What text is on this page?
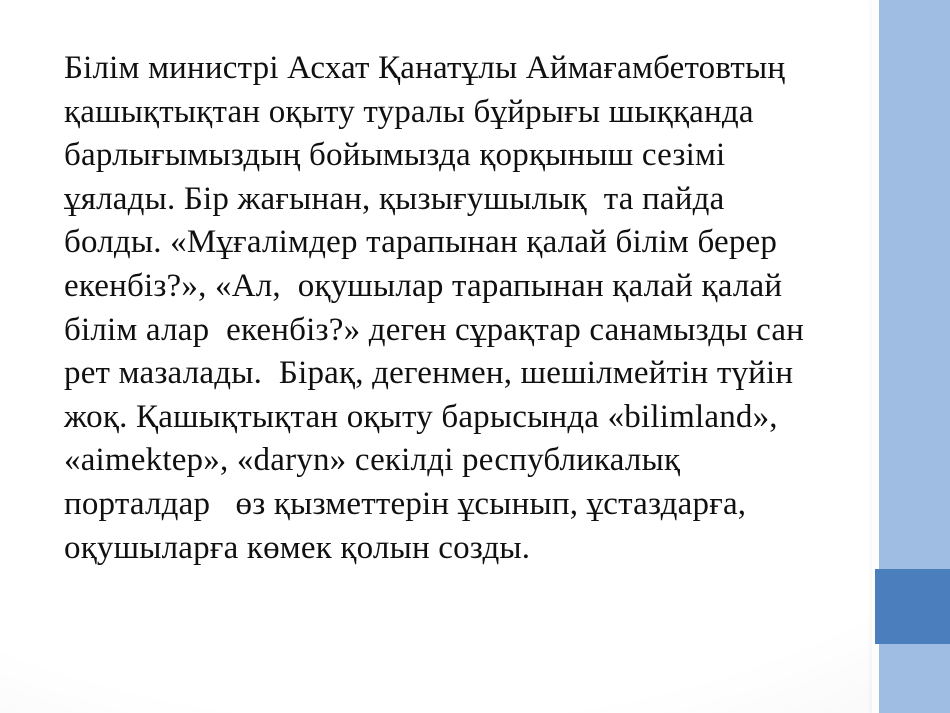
Білім министрі Асхат Қанатұлы Аймағамбетовтың
қашықтықтан оқыту туралы бұйрығы шыққанда
барлығымыздың бойымызда қорқыныш сезімі
ұялады. Бір жағынан, қызығушылық  та пайда
болды. «Мұғалімдер тарапынан қалай білім берер
екенбіз?», «Ал,  оқушылар тарапынан қалай қалай
білім алар  екенбіз?» деген сұрақтар санамызды сан
рет мазалады.  Бірақ, дегенмен, шешілмейтін түйін
жоқ. Қашықтықтан оқыту барысында «bilimland»,
«aimektep», «daryn» секілді республикалық
порталдар   өз қызметтерін ұсынып, ұстаздарға,
оқушыларға көмек қолын созды.
